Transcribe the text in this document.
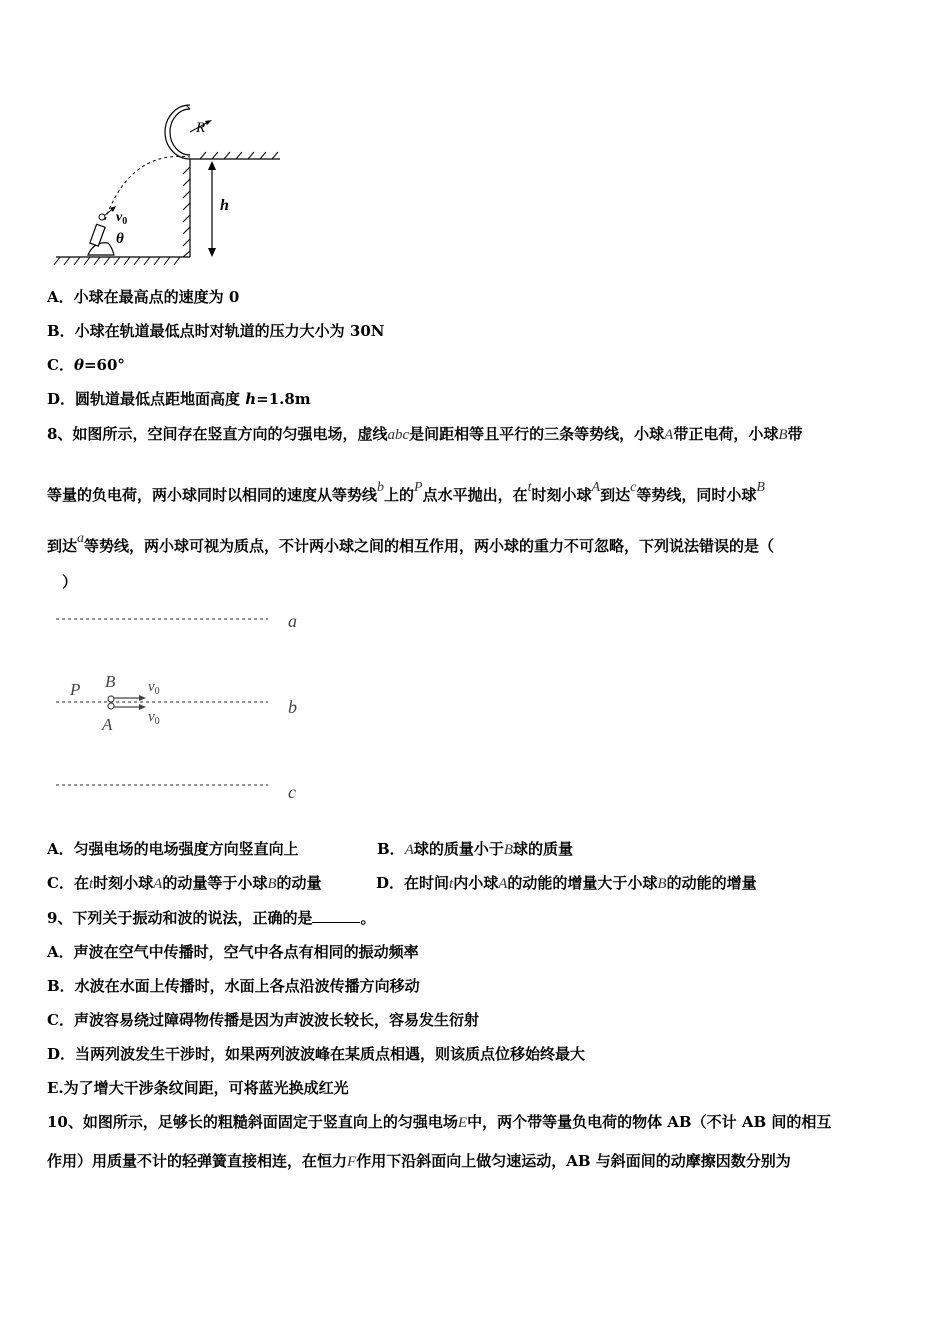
R
h
$v_0$
θ
A．小球在最高点的速度为 0
B．小球在轨道最低点时对轨道的压力大小为 30N
C．θ=60°
D．圆轨道最低点距地面高度 h=1.8m
8、如图所示，空间存在竖直方向的匀强电场，虚线abc是间距相等且平行的三条等势线，小球A带正电荷，小球B带
等量的负电荷，两小球同时以相同的速度从等势线b上的P点水平抛出，在t时刻小球A到达c等势线，同时小球B
到达a等势线，两小球可视为质点，不计两小球之间的相互作用，两小球的重力不可忽略，下列说法错误的是（
）
a
b
c
P B
A
$v_0$
$v_0$
A．匀强电场的电场强度方向竖直向上	B．A球的质量小于B球的质量
C．在t时刻小球A的动量等于小球B的动量	D．在时间t内小球A的动能的增量大于小球B的动能的增量
9、下列关于振动和波的说法，正确的是	。
A．声波在空气中传播时，空气中各点有相同的振动频率
B．水波在水面上传播时，水面上各点沿波传播方向移动
C．声波容易绕过障碍物传播是因为声波波长较长，容易发生衍射
D．当两列波发生干涉时，如果两列波波峰在某质点相遇，则该质点位移始终最大
E.为了增大干涉条纹间距，可将蓝光换成红光
10、如图所示，足够长的粗糙斜面固定于竖直向上的匀强电场E中，两个带等量负电荷的物体 AB（不计 AB 间的相互
作用）用质量不计的轻弹簧直接相连，在恒力F作用下沿斜面向上做匀速运动，AB 与斜面间的动摩擦因数分别为
